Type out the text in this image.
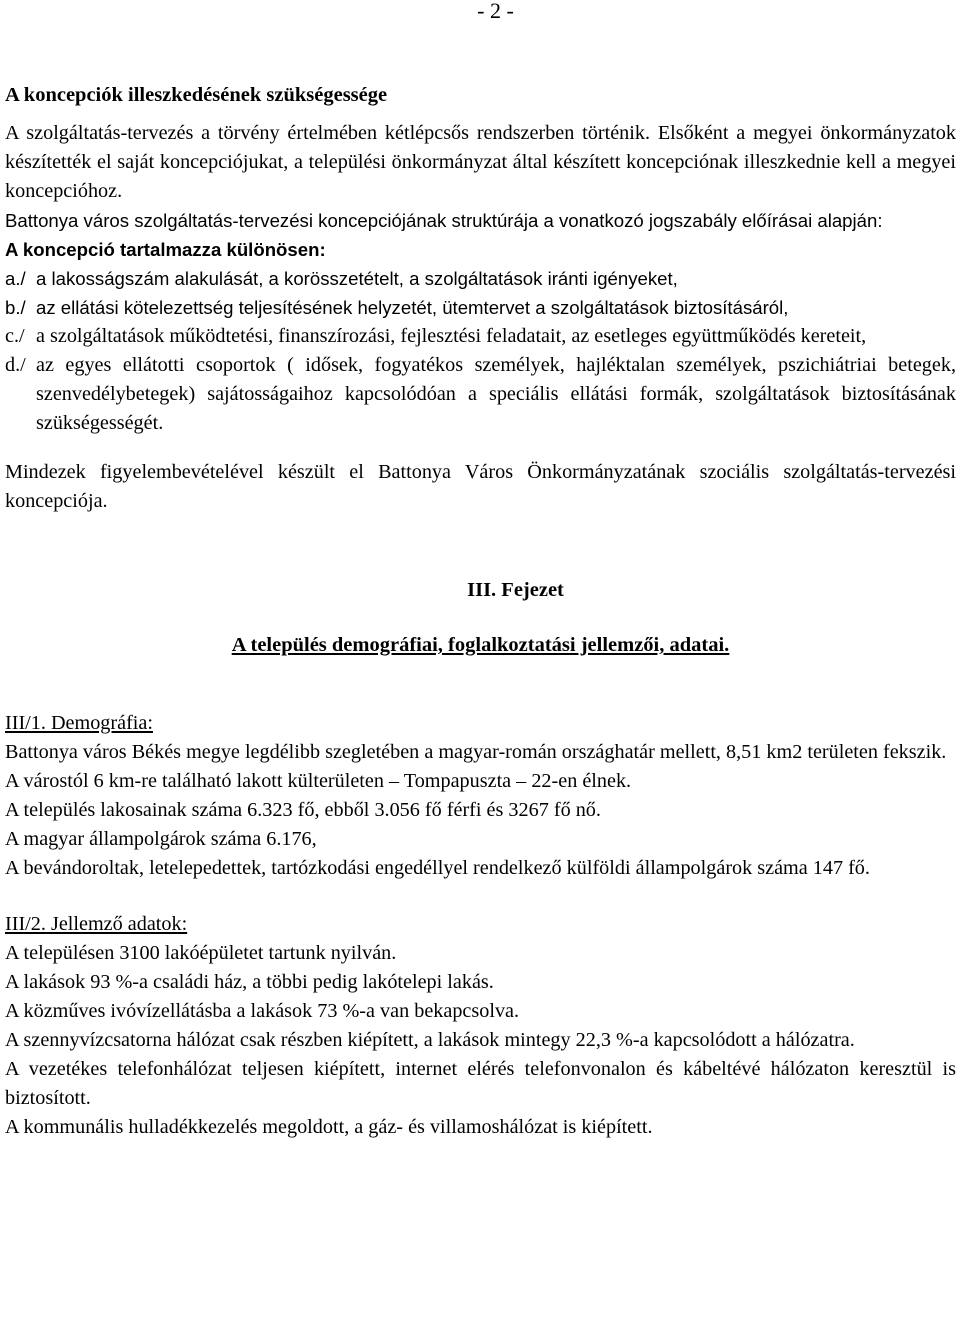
- 2 -
A koncepciók illeszkedésének szükségessége

A szolgáltatás-tervezés a törvény értelmében kétlépcsős rendszerben történik. Elsőként a megyei önkormányzatok készítették el saját koncepciójukat, a települési önkormányzat által készített koncepciónak illeszkednie kell a megyei koncepcióhoz.

Battonya város szolgáltatás-tervezési koncepciójának struktúrája a vonatkozó jogszabály előírásai alapján:

A koncepció tartalmazza különösen:

a./ a lakosságszám alakulását, a korösszetételt, a szolgáltatások iránti igényeket,
b./ az ellátási kötelezettség teljesítésének helyzetét, ütemtervet a szolgáltatások biztosításáról,
c./ a szolgáltatások működtetési, finanszírozási, fejlesztési feladatait, az esetleges együttműködés kereteit,
d./ az egyes ellátotti csoportok ( idősek, fogyatékos személyek, hajléktalan személyek, pszichiátriai betegek, szenvedélybetegek) sajátosságaihoz kapcsolódóan a speciális ellátási formák, szolgáltatások biztosításának szükségességét.

Mindezek figyelembevételével készült el Battonya Város Önkormányzatának szociális szolgáltatás-tervezési koncepciója.

III. Fejezet
A település demográfiai, foglalkoztatási jellemzői, adatai.
III/1. Demográfia:

Battonya város Békés megye legdélibb szegletében a magyar-román országhatár mellett, 8,51 km2 területen fekszik.

A várostól 6 km-re található lakott külterületen – Tompapuszta – 22-en élnek.

A település lakosainak száma 6.323 fő, ebből 3.056 fő férfi és 3267 fő nő.

A magyar állampolgárok száma 6.176,

A bevándoroltak, letelepedettek, tartózkodási engedéllyel rendelkező külföldi állampolgárok száma 147 fő.

III/2. Jellemző adatok:

A településen 3100 lakóépületet tartunk nyilván.

A lakások 93 %-a családi ház, a többi pedig lakótelepi lakás.

A közműves ivóvízellátásba a lakások 73 %-a van bekapcsolva.

A szennyvízcsatorna hálózat csak részben kiépített, a lakások mintegy 22,3 %-a kapcsolódott a hálózatra.

A vezetékes telefonhálózat teljesen kiépített, internet elérés telefonvonalon és kábeltévé hálózaton keresztül is biztosított.

A kommunális hulladékkezelés megoldott, a gáz- és villamoshálózat is kiépített.
